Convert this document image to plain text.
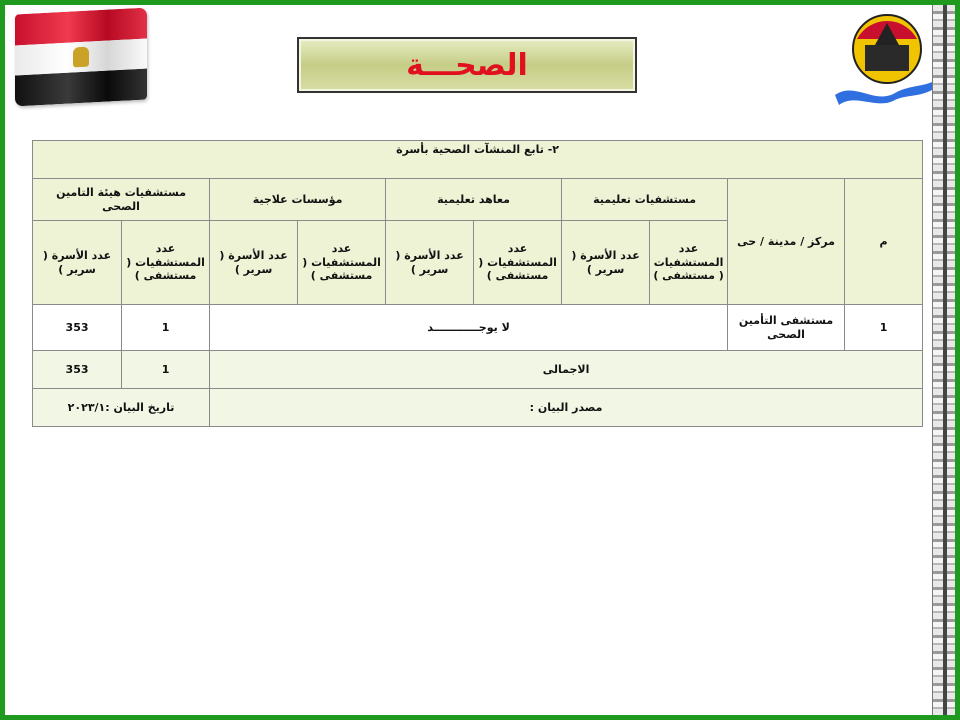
الصحـــة
٢- تابع المنشآت الصحية بأسرة									
م	مركز / مدينة / حى	مستشفيات تعليمية		معاهد تعليمية		مؤسسات علاجية		مستشفيات هيئة التامين الصحى	
		عدد المستشفيات ( مستشفى )	عدد الأسرة ( سرير )	عدد المستشفيات ( مستشفى )	عدد الأسرة ( سرير )	عدد المستشفيات ( مستشفى )	عدد الأسرة ( سرير )	عدد المستشفيات ( مستشفى )	عدد الأسرة ( سرير )
1	مستشفى التأمين الصحى	لا يوجــــــــــــد						1	353
الاجمالى								1	353
مصدر البيان :								تاريخ البيان :٢٠٢٣/١	
